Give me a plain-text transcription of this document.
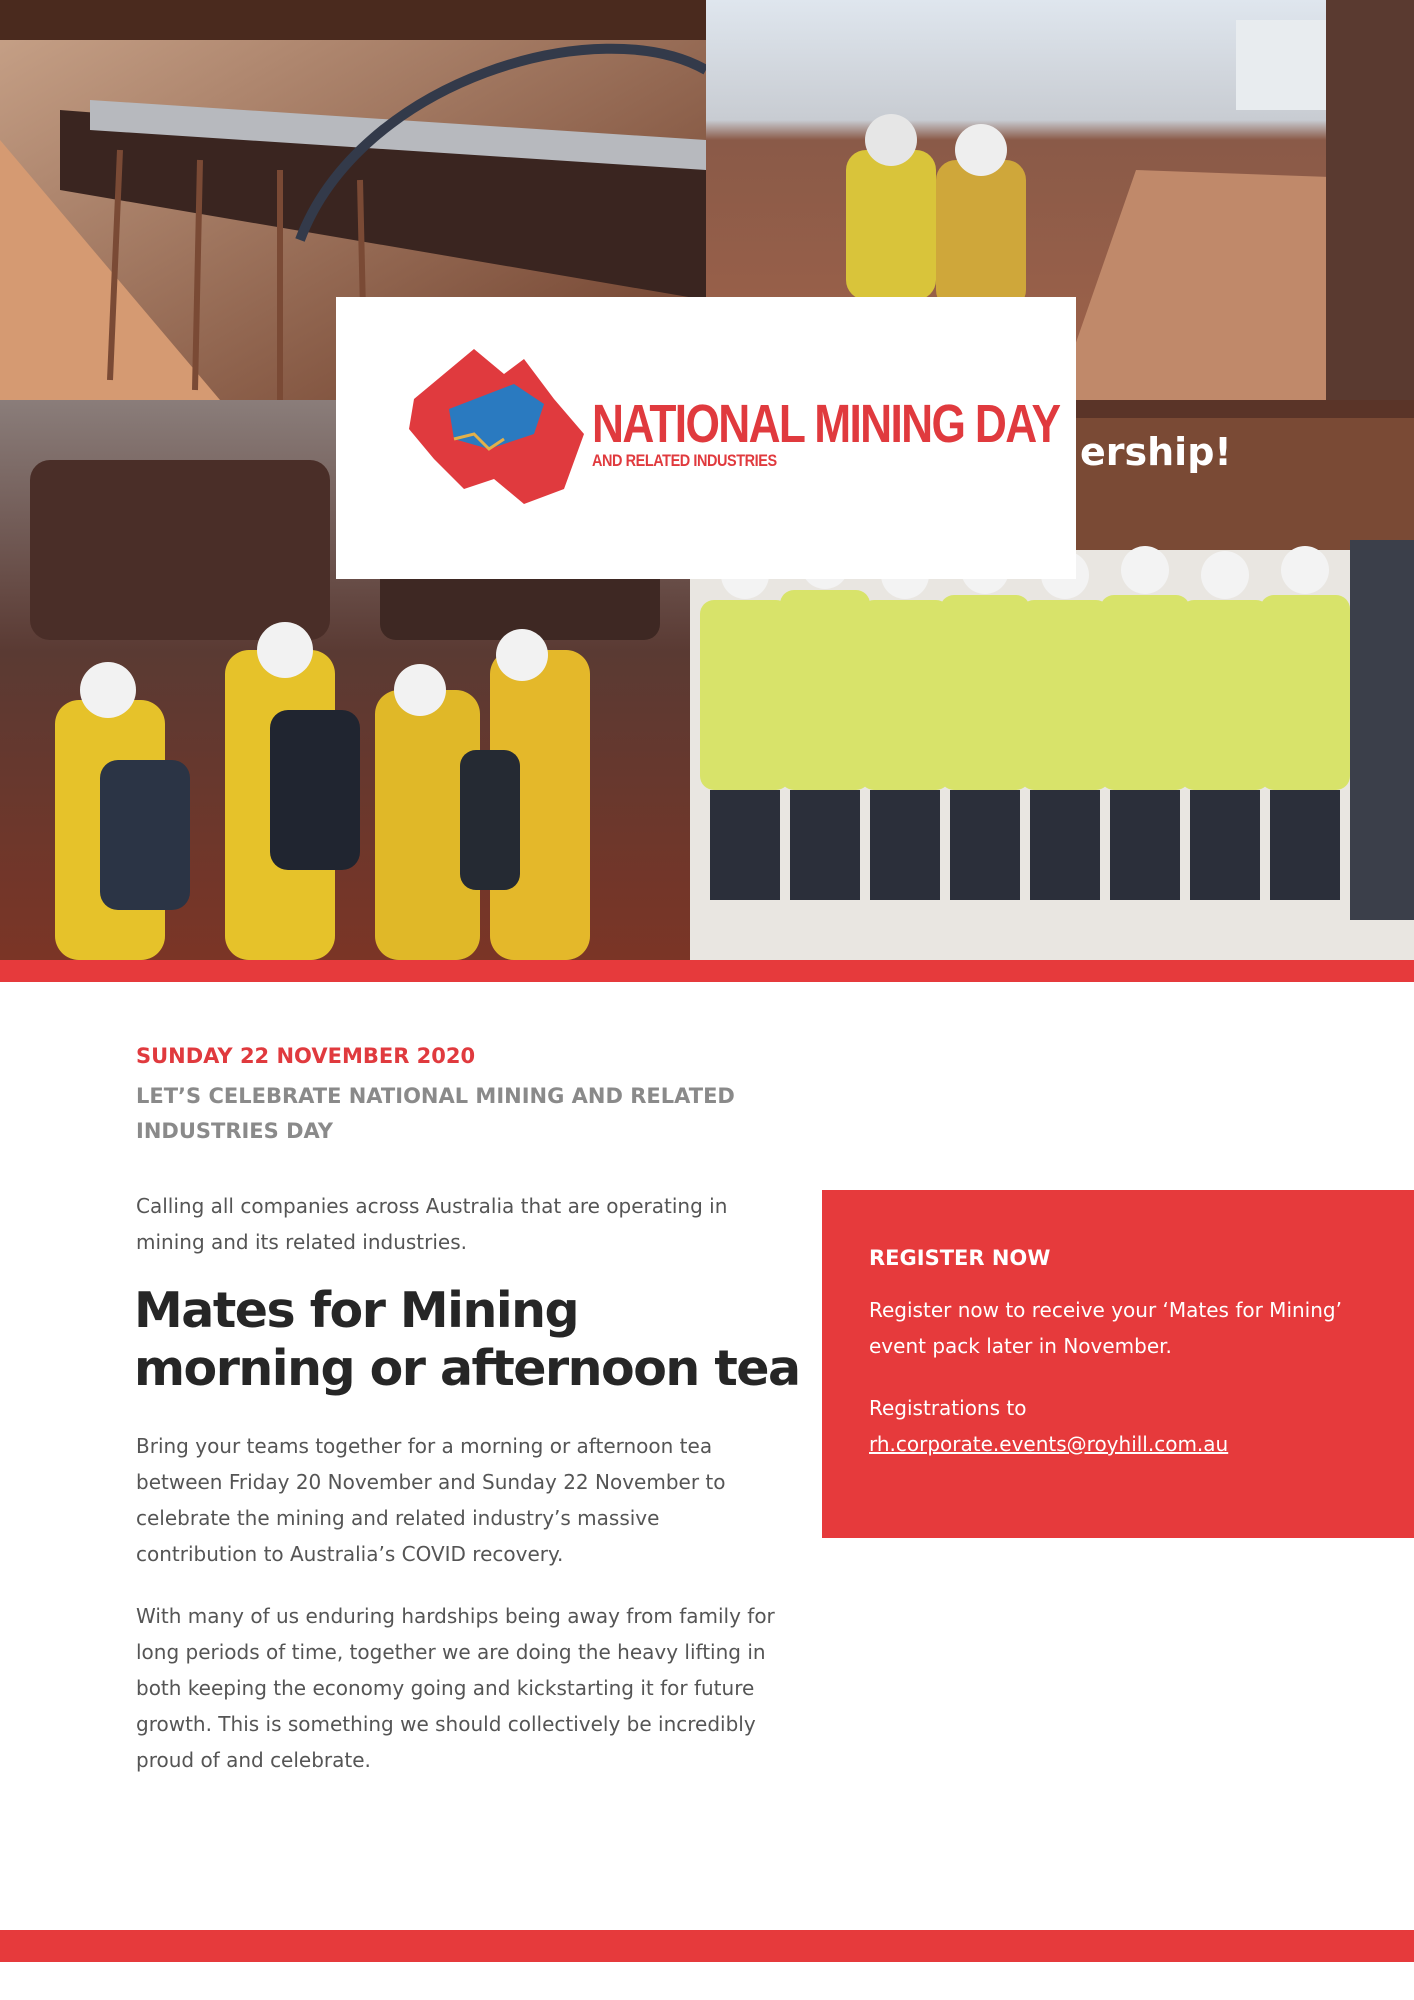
ership!
NATIONAL MINING DAY
AND RELATED INDUSTRIES
SUNDAY 22 NOVEMBER 2020
LET’S CELEBRATE NATIONAL MINING AND RELATED INDUSTRIES DAY
Calling all companies across Australia that are operating in mining and its related industries.
Mates for Mining
morning or afternoon tea
Bring your teams together for a morning or afternoon tea between Friday 20 November and Sunday 22 November to celebrate the mining and related industry’s massive contribution to Australia’s COVID recovery.
With many of us enduring hardships being away from family for long periods of time, together we are doing the heavy lifting in both keeping the economy going and kickstarting it for future growth. This is something we should collectively be incredibly proud of and celebrate.
REGISTER NOW
Register now to receive your ‘Mates for Mining’ event pack later in November.
Registrations to
rh.corporate.events@royhill.com.au
